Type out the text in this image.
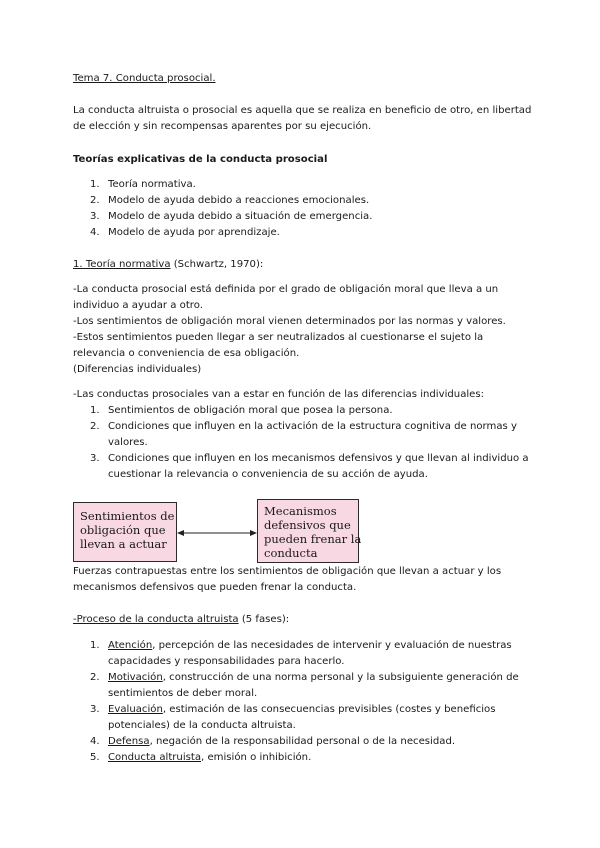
Tema 7. Conducta prosocial.
La conducta altruista o prosocial es aquella que se realiza en beneficio de otro, en libertad
de elección y sin recompensas aparentes por su ejecución.
Teorías explicativas de la conducta prosocial
1. Teoría normativa.
2. Modelo de ayuda debido a reacciones emocionales.
3. Modelo de ayuda debido a situación de emergencia.
4. Modelo de ayuda por aprendizaje.
1. Teoría normativa (Schwartz, 1970):
-La conducta prosocial está definida por el grado de obligación moral que lleva a un
individuo a ayudar a otro.
-Los sentimientos de obligación moral vienen determinados por las normas y valores.
-Estos sentimientos pueden llegar a ser neutralizados al cuestionarse el sujeto la
relevancia o conveniencia de esa obligación.
(Diferencias individuales)
-Las conductas prosociales van a estar en función de las diferencias individuales:
1. Sentimientos de obligación moral que posea la persona.
2. Condiciones que influyen en la activación de la estructura cognitiva de normas y
valores.
3. Condiciones que influyen en los mecanismos defensivos y que llevan al individuo a
cuestionar la relevancia o conveniencia de su acción de ayuda.
Sentimientos de
obligación que
llevan a actuar
Mecanismos
defensivos que
pueden frenar la
conducta
Fuerzas contrapuestas entre los sentimientos de obligación que llevan a actuar y los
mecanismos defensivos que pueden frenar la conducta.
-Proceso de la conducta altruista (5 fases):
1. Atención, percepción de las necesidades de intervenir y evaluación de nuestras
capacidades y responsabilidades para hacerlo.
2. Motivación, construcción de una norma personal y la subsiguiente generación de
sentimientos de deber moral.
3. Evaluación, estimación de las consecuencias previsibles (costes y beneficios
potenciales) de la conducta altruista.
4. Defensa, negación de la responsabilidad personal o de la necesidad.
5. Conducta altruista, emisión o inhibición.
